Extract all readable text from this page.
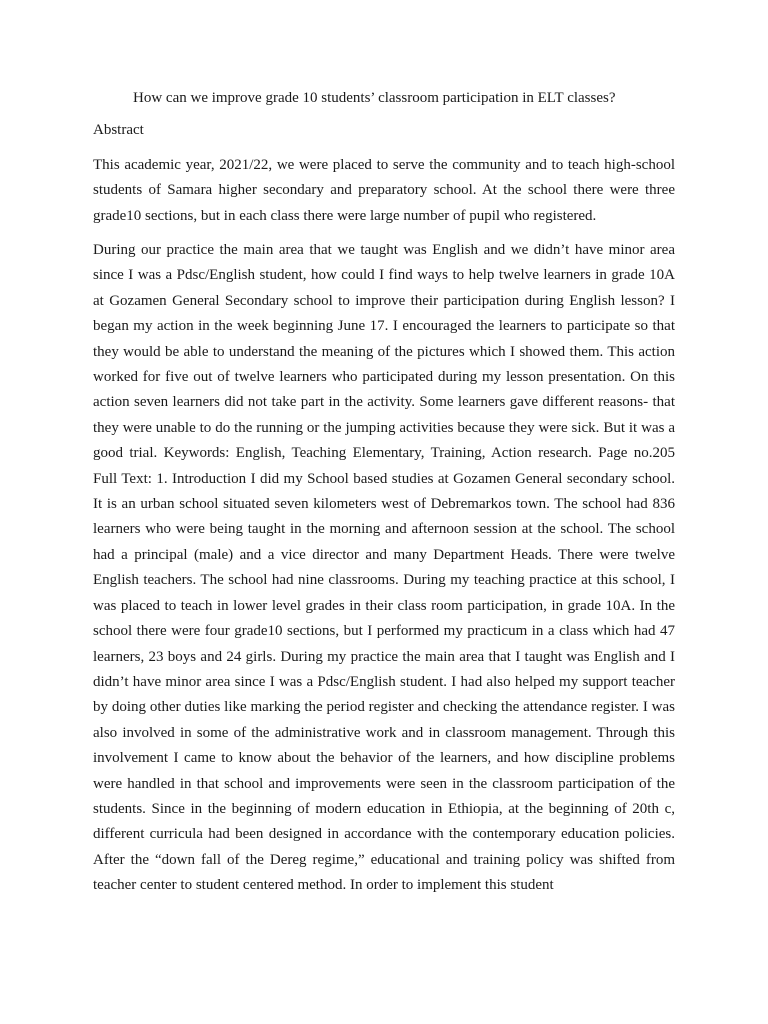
How can we improve grade 10 students’ classroom participation in ELT classes?
Abstract

This academic year, 2021/22, we were placed to serve the community and to teach high-school students of Samara higher secondary and preparatory school. At the school there were three grade10 sections, but in each class there were large number of pupil who registered.

During our practice the main area that we taught was English and we didn’t have minor area since I was a Pdsc/English student, how could I find ways to help twelve learners in grade 10A at Gozamen General Secondary school to improve their participation during English lesson? I began my action in the week beginning June 17. I encouraged the learners to participate so that they would be able to understand the meaning of the pictures which I showed them. This action worked for five out of twelve learners who participated during my lesson presentation. On this action seven learners did not take part in the activity. Some learners gave different reasons- that they were unable to do the running or the jumping activities because they were sick. But it was a good trial. Keywords: English, Teaching Elementary, Training, Action research. Page no.205 Full Text: 1. Introduction I did my School based studies at Gozamen General secondary school. It is an urban school situated seven kilometers west of Debremarkos town. The school had 836 learners who were being taught in the morning and afternoon session at the school. The school had a principal (male) and a vice director and many Department Heads. There were twelve English teachers. The school had nine classrooms. During my teaching practice at this school, I was placed to teach in lower level grades in their class room participation, in grade 10A. In the school there were four grade10 sections, but I performed my practicum in a class which had 47 learners, 23 boys and 24 girls. During my practice the main area that I taught was English and I didn’t have minor area since I was a Pdsc/English student. I had also helped my support teacher by doing other duties like marking the period register and checking the attendance register. I was also involved in some of the administrative work and in classroom management. Through this involvement I came to know about the behavior of the learners, and how discipline problems were handled in that school and improvements were seen in the classroom participation of the students. Since in the beginning of modern education in Ethiopia, at the beginning of 20th c, different curricula had been designed in accordance with the contemporary education policies. After the “down fall of the Dereg regime,” educational and training policy was shifted from teacher center to student centered method. In order to implement this student
